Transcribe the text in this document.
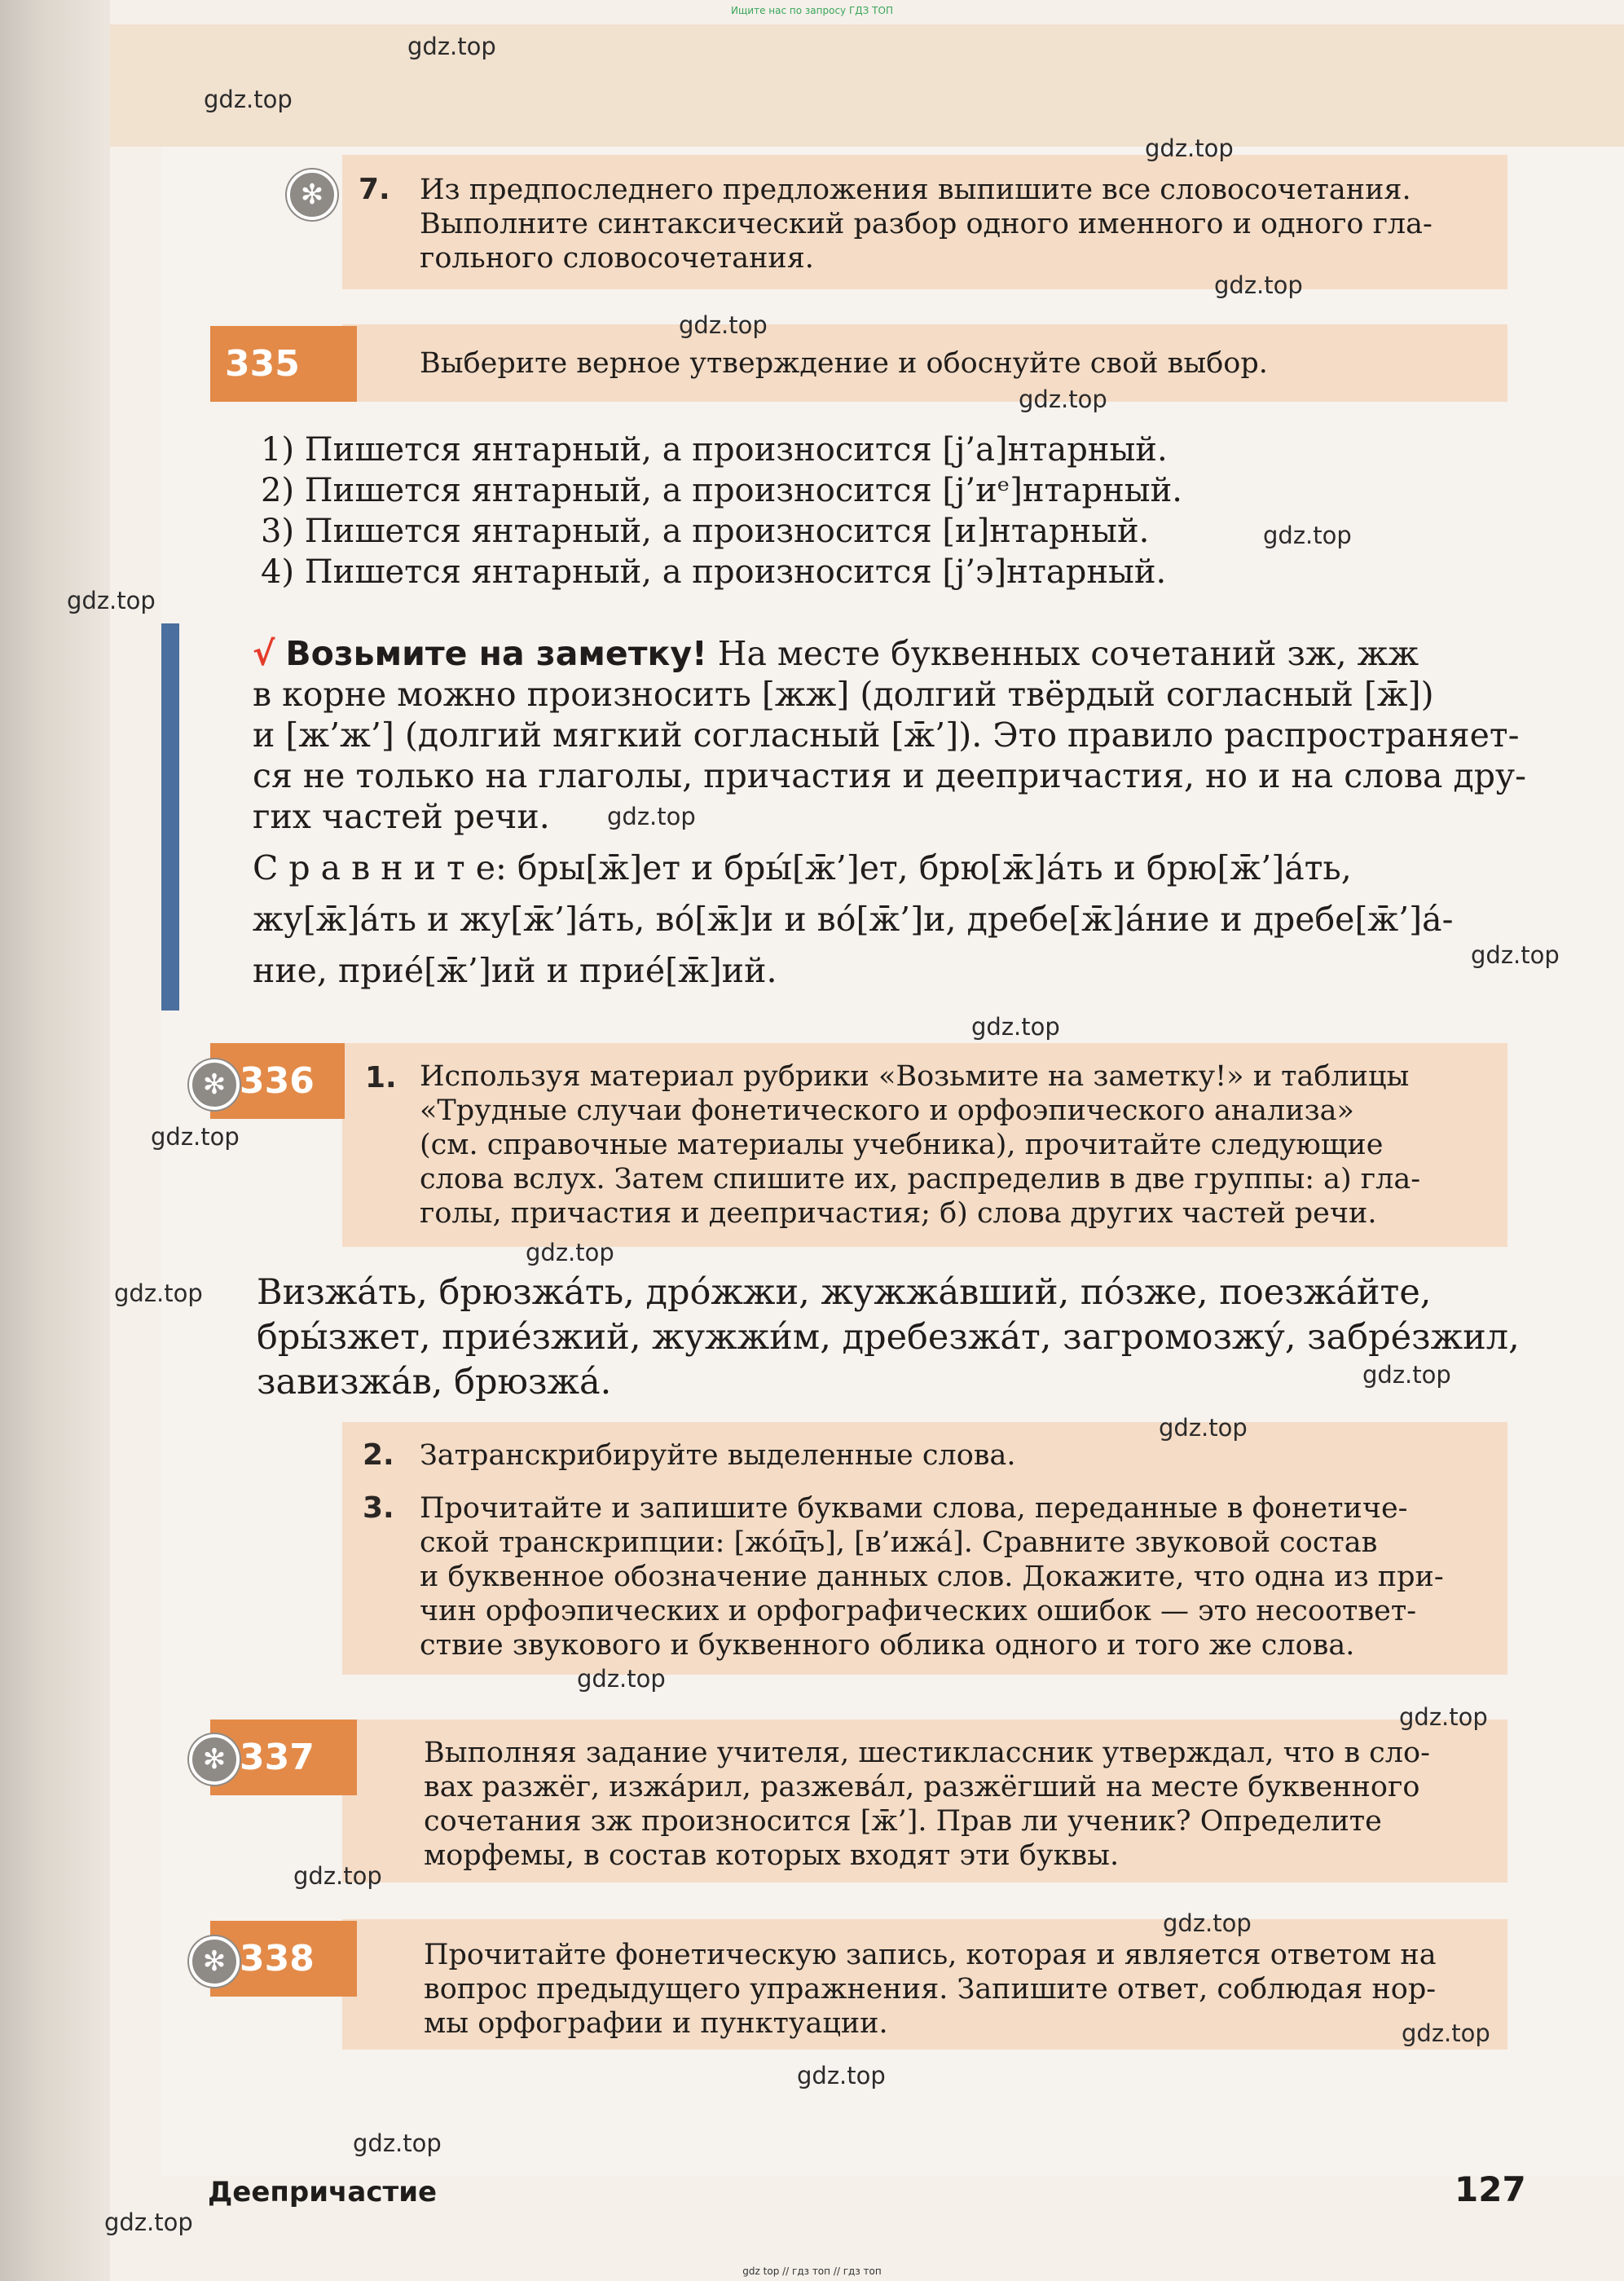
Ищите нас по запросу ГДЗ ТОП
✻	7. Из предпоследнего предложения выпишите все словосочетания.
Выполните синтаксический разбор одного именного и одного гла-
гольного словосочетания.
335	Выберите верное утверждение и обоснуйте свой выбор.
1) Пишется янтарный, а произносится [j’а]нтарный.
2) Пишется янтарный, а произносится [j’иᵉ]нтарный.
3) Пишется янтарный, а произносится [и]нтарный.
4) Пишется янтарный, а произносится [j’э]нтарный.
√ Возьмите на заметку! На месте буквенных сочетаний зж, жж
в корне можно произносить [жж] (долгий твёрдый согласный [ж̄])
и [ж’ж’] (долгий мягкий согласный [ж̄’]). Это правило распространяет-
ся не только на глаголы, причастия и деепричастия, но и на слова дру-
гих частей речи.
С р а в н и т е: бры[ж̄]ет и бры́[ж̄’]ет, брю[ж̄]а́ть и брю[ж̄’]а́ть,
жу[ж̄]а́ть и жу[ж̄’]а́ть, во́[ж̄]и и во́[ж̄’]и, дребе[ж̄]а́ние и дребе[ж̄’]а́-
ние, прие́[ж̄’]ий и прие́[ж̄]ий.
336
✻	1. Используя материал рубрики «Возьмите на заметку!» и таблицы
«Трудные случаи фонетического и орфоэпического анализа»
(см. справочные материалы учебника), прочитайте следующие
слова вслух. Затем спишите их, распределив в две группы: а) гла-
голы, причастия и деепричастия; б) слова других частей речи.
Визжа́ть, брюзжа́ть, дро́жжи, жужжа́вший, по́зже, поезжа́йте,
бры́зжет, прие́зжий, жужжи́м, дребезжа́т, загромозжу́, забре́зжил,
завизжа́в, брюзжа́.
2. Затранскрибируйте выделенные слова.
3. Прочитайте и запишите буквами слова, переданные в фонетиче-
ской транскрипции: [жо́ц̄ъ], [в’ижа́]. Сравните звуковой состав
и буквенное обозначение данных слов. Докажите, что одна из при-
чин орфоэпических и орфографических ошибок — это несоответ-
ствие звукового и буквенного облика одного и того же слова.
337
✻	Выполняя задание учителя, шестиклассник утверждал, что в сло-
вах разжёг, изжа́рил, разжева́л, разжёгший на месте буквенного
сочетания зж произносится [ж̄’]. Прав ли ученик? Определите
морфемы, в состав которых входят эти буквы.
338
✻	Прочитайте фонетическую запись, которая и является ответом на
вопрос предыдущего упражнения. Запишите ответ, соблюдая нор-
мы орфографии и пунктуации.
Деепричастие	127
gdz top // гдз топ // гдз топ
gdz.top
gdz.top
gdz.top
gdz.top
gdz.top
gdz.top
gdz.top
gdz.top
gdz.top
gdz.top
gdz.top
gdz.top
gdz.top
gdz.top
gdz.top
gdz.top
gdz.top
gdz.top
gdz.top
gdz.top
gdz.top
gdz.top
gdz.top
gdz.top
